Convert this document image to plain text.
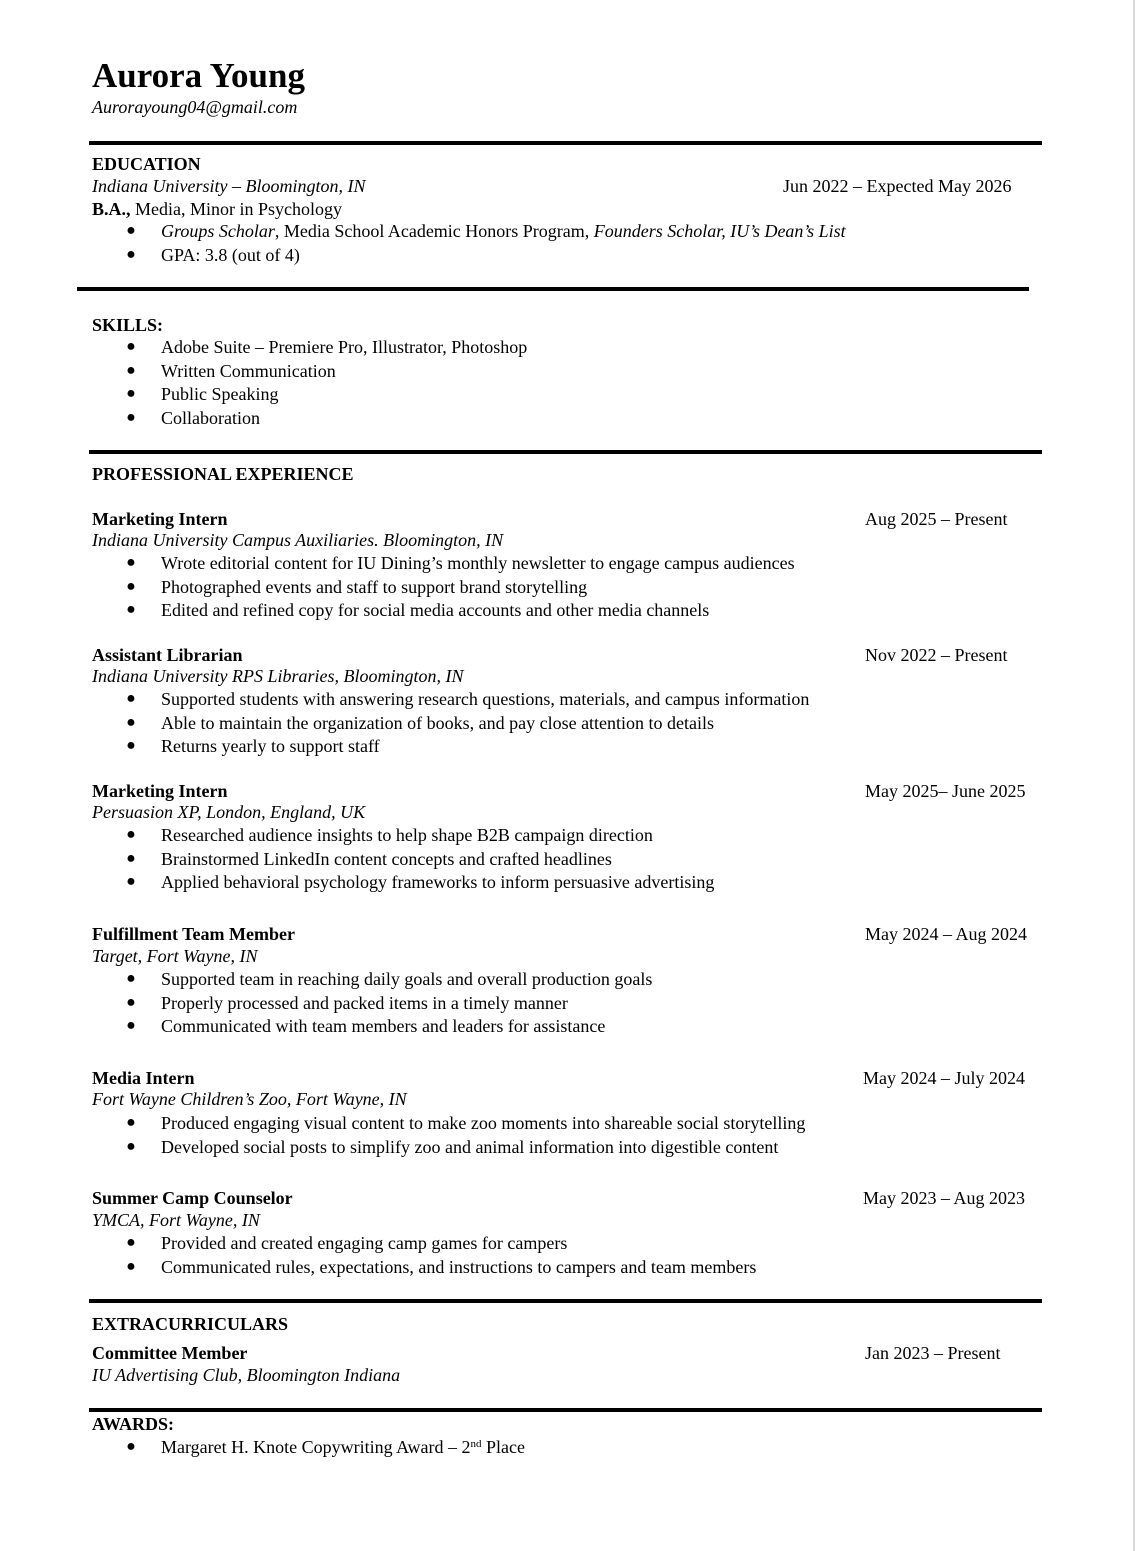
Aurora Young
Aurorayoung04@gmail.com
EDUCATION
Indiana University – Bloomington, IN	Jun 2022 – Expected May 2026
B.A., Media, Minor in Psychology
● Groups Scholar, Media School Academic Honors Program, Founders Scholar, IU’s Dean’s List
● GPA: 3.8 (out of 4)
SKILLS:
● Adobe Suite – Premiere Pro, Illustrator, Photoshop
● Written Communication
● Public Speaking
● Collaboration
PROFESSIONAL EXPERIENCE
Marketing Intern	Aug 2025 – Present
Indiana University Campus Auxiliaries. Bloomington, IN
● Wrote editorial content for IU Dining’s monthly newsletter to engage campus audiences
● Photographed events and staff to support brand storytelling
● Edited and refined copy for social media accounts and other media channels
Assistant Librarian	Nov 2022 – Present
Indiana University RPS Libraries, Bloomington, IN
● Supported students with answering research questions, materials, and campus information
● Able to maintain the organization of books, and pay close attention to details
● Returns yearly to support staff
Marketing Intern	May 2025– June 2025
Persuasion XP, London, England, UK
● Researched audience insights to help shape B2B campaign direction
● Brainstormed LinkedIn content concepts and crafted headlines
● Applied behavioral psychology frameworks to inform persuasive advertising
Fulfillment Team Member	May 2024 – Aug 2024
Target, Fort Wayne, IN
● Supported team in reaching daily goals and overall production goals
● Properly processed and packed items in a timely manner
● Communicated with team members and leaders for assistance
Media Intern	May 2024 – July 2024
Fort Wayne Children’s Zoo, Fort Wayne, IN
● Produced engaging visual content to make zoo moments into shareable social storytelling
● Developed social posts to simplify zoo and animal information into digestible content
Summer Camp Counselor	May 2023 – Aug 2023
YMCA, Fort Wayne, IN
● Provided and created engaging camp games for campers
● Communicated rules, expectations, and instructions to campers and team members
EXTRACURRICULARS
Committee Member	Jan 2023 – Present
IU Advertising Club, Bloomington Indiana
AWARDS:
● Margaret H. Knote Copywriting Award – 2nd Place
